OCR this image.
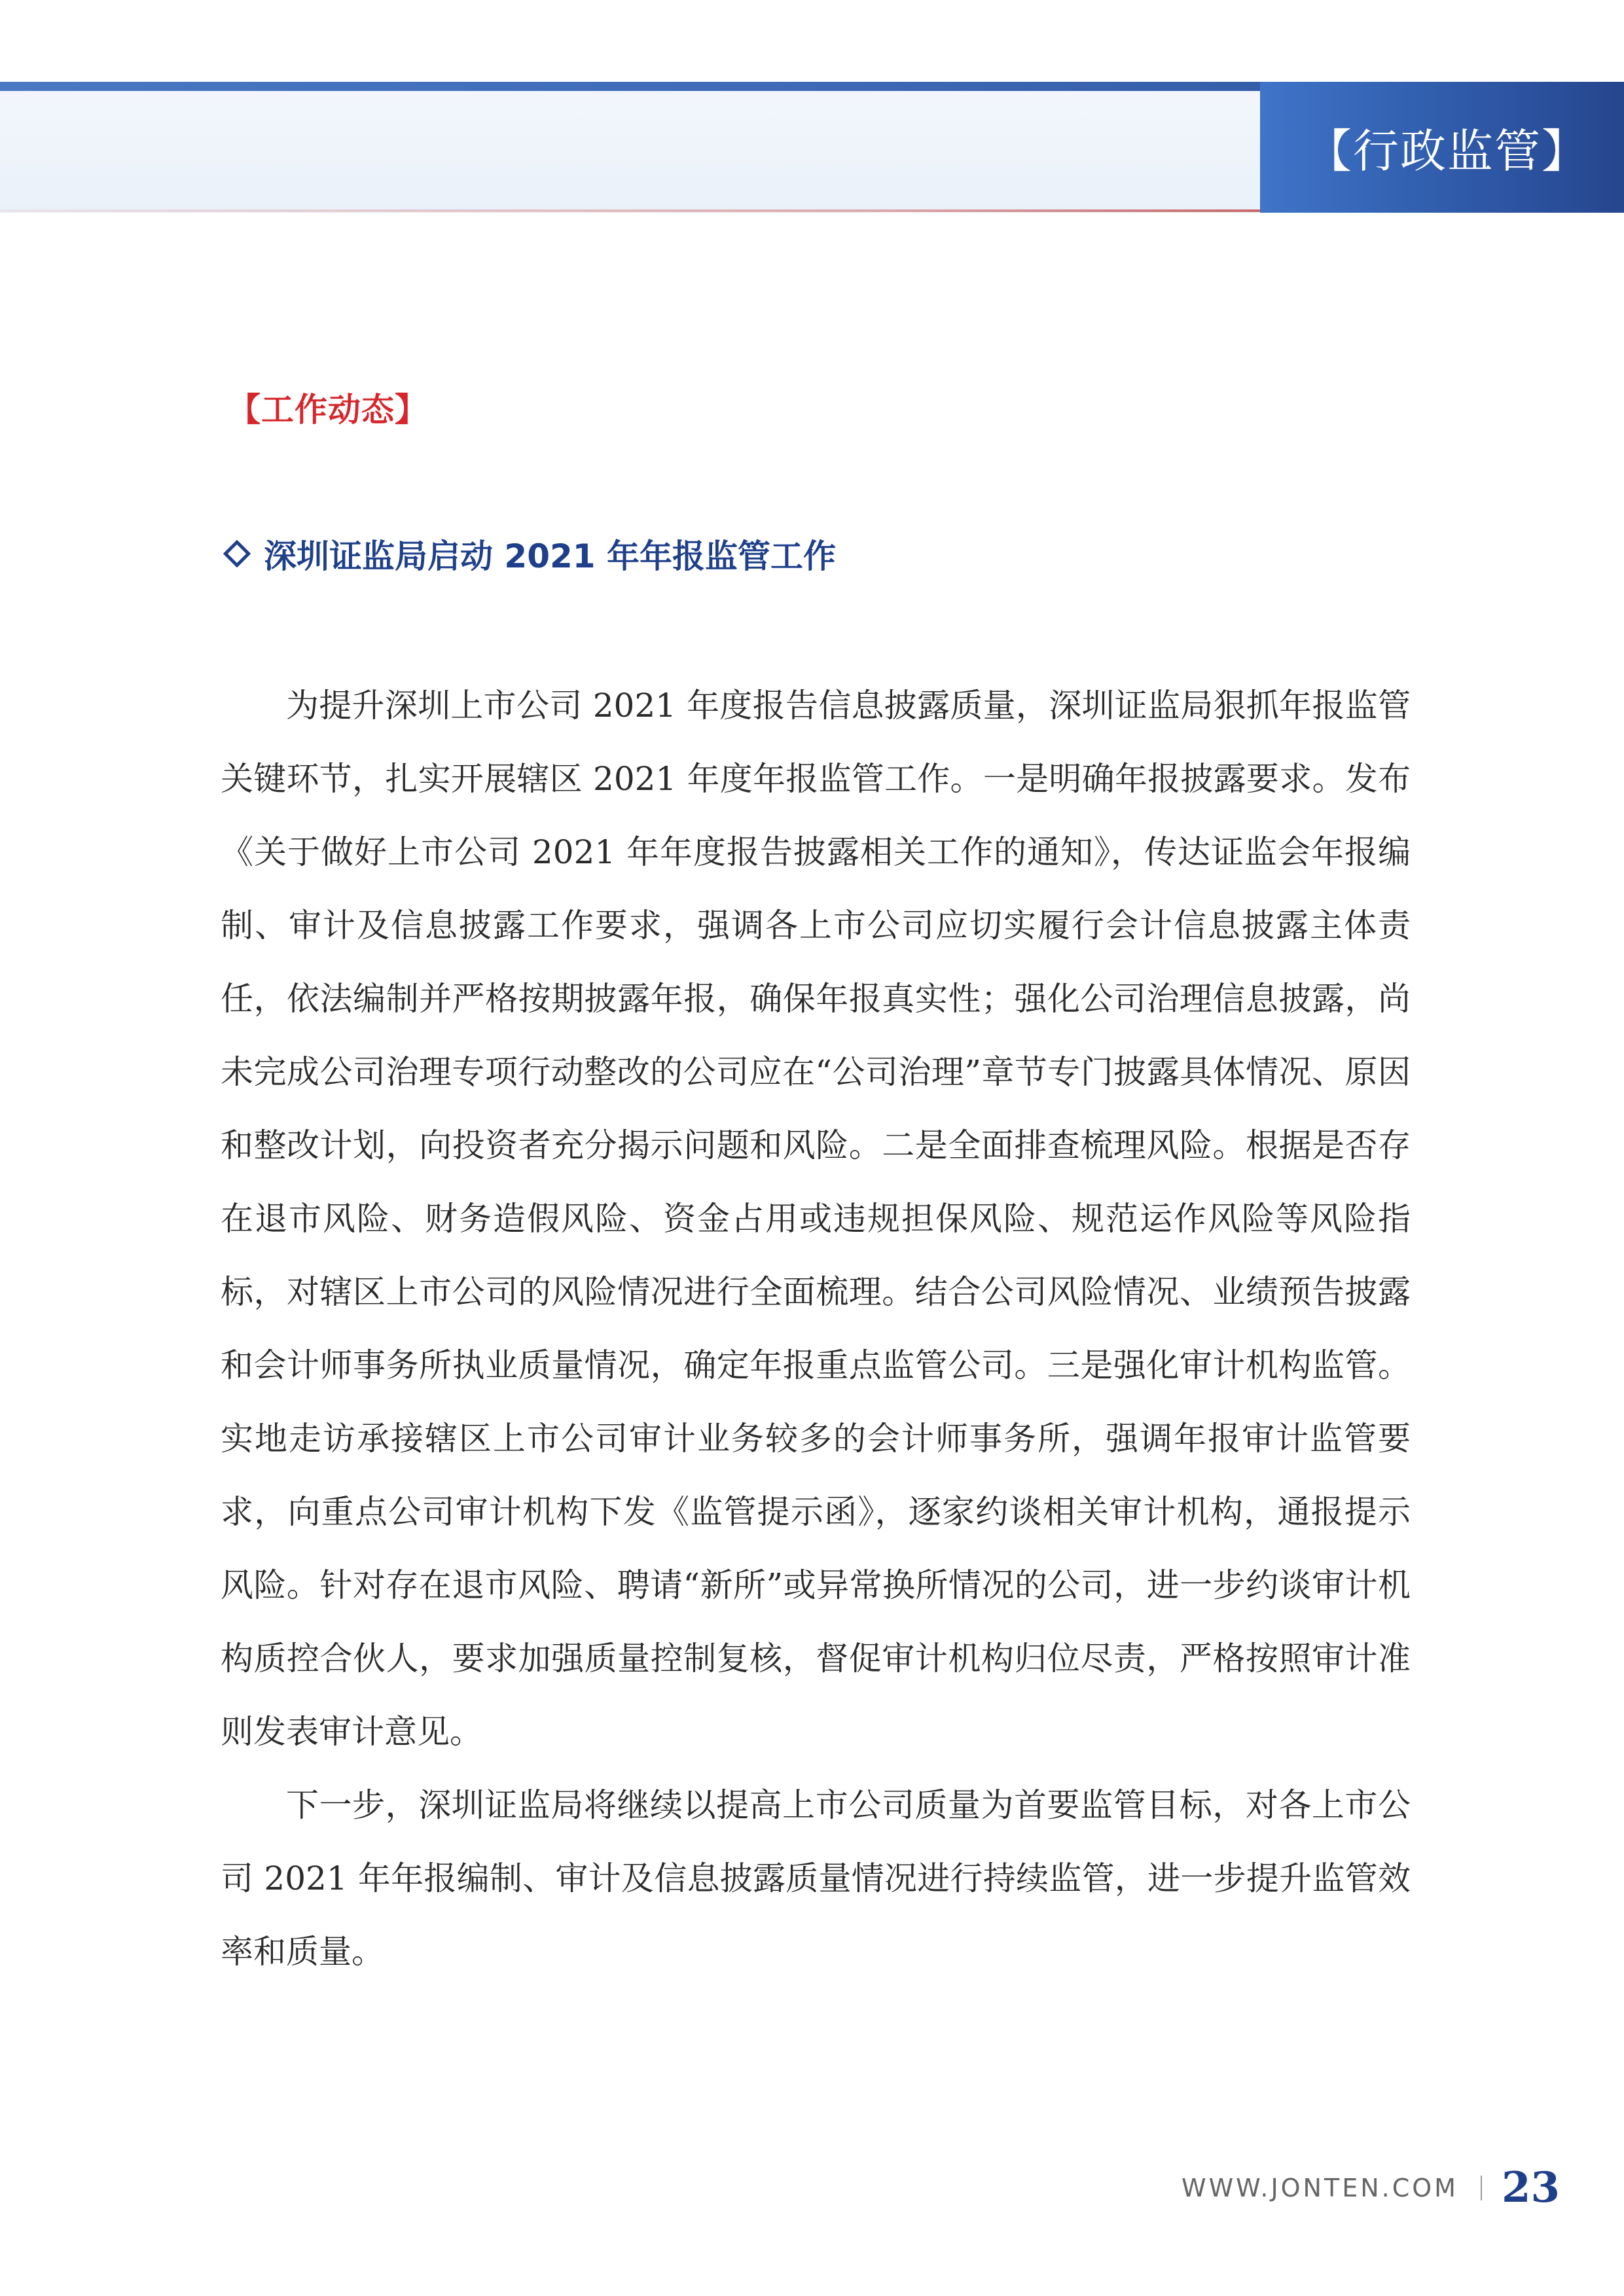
【行政监管】
【工作动态】
深圳证监局启动 2021 年年报监管工作

为提升深圳上市公司 2021 年度报告信息披露质量，深圳证监局狠抓年报监管关键环节，扎实开展辖区 2021 年度年报监管工作。一是明确年报披露要求。发布《关于做好上市公司 2021 年年度报告披露相关工作的通知》，传达证监会年报编制、审计及信息披露工作要求，强调各上市公司应切实履行会计信息披露主体责任，依法编制并严格按期披露年报，确保年报真实性；强化公司治理信息披露，尚未完成公司治理专项行动整改的公司应在“公司治理”章节专门披露具体情况、原因和整改计划，向投资者充分揭示问题和风险。二是全面排查梳理风险。根据是否存在退市风险、财务造假风险、资金占用或违规担保风险、规范运作风险等风险指标，对辖区上市公司的风险情况进行全面梳理。结合公司风险情况、业绩预告披露和会计师事务所执业质量情况，确定年报重点监管公司。三是强化审计机构监管。实地走访承接辖区上市公司审计业务较多的会计师事务所，强调年报审计监管要求，向重点公司审计机构下发《监管提示函》，逐家约谈相关审计机构，通报提示风险。针对存在退市风险、聘请“新所”或异常换所情况的公司，进一步约谈审计机构质控合伙人，要求加强质量控制复核，督促审计机构归位尽责，严格按照审计准则发表审计意见。

下一步，深圳证监局将继续以提高上市公司质量为首要监管目标，对各上市公司 2021 年年报编制、审计及信息披露质量情况进行持续监管，进一步提升监管效率和质量。

WWW.JONTEN.COM 23
